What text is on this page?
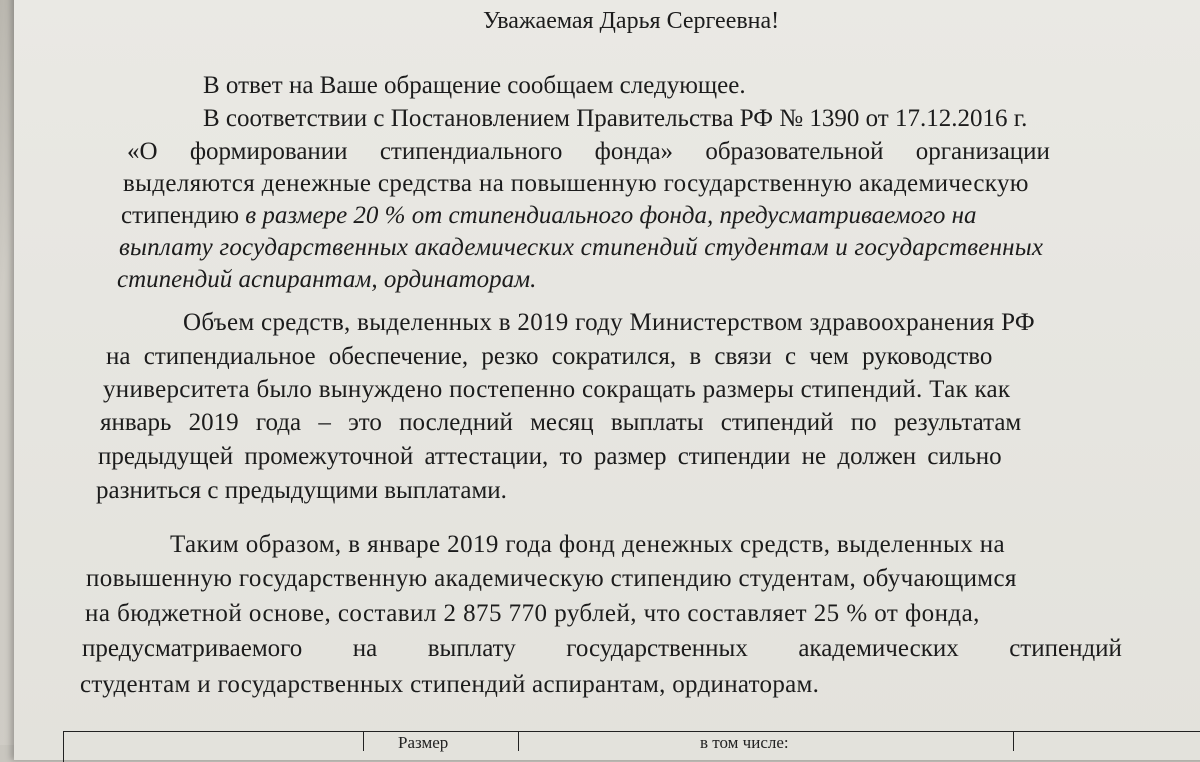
Уважаемая Дарья Сергеевна!
В ответ на Ваше обращение сообщаем следующее.
В соответствии с Постановлением Правительства РФ № 1390 от 17.12.2016 г.
«О формировании стипендиального фонда» образовательной организации
выделяются денежные средства на повышенную государственную академическую
стипендию в размере 20 % от стипендиального фонда, предусматриваемого на
выплату государственных академических стипендий студентам и государственных
стипендий аспирантам, ординаторам.
Объем средств, выделенных в 2019 году Министерством здравоохранения РФ
на стипендиальное обеспечение, резко сократился, в связи с чем руководство
университета было вынуждено постепенно сокращать размеры стипендий. Так как
январь 2019 года – это последний месяц выплаты стипендий по результатам
предыдущей промежуточной аттестации, то размер стипендии не должен сильно
разниться с предыдущими выплатами.
Таким образом, в январе 2019 года фонд денежных средств, выделенных на
повышенную государственную академическую стипендию студентам, обучающимся
на бюджетной основе, составил 2 875 770 рублей, что составляет 25 % от фонда,
предусматриваемого на выплату государственных академических стипендий
студентам и государственных стипендий аспирантам, ординаторам.
Размер	в том числе:
